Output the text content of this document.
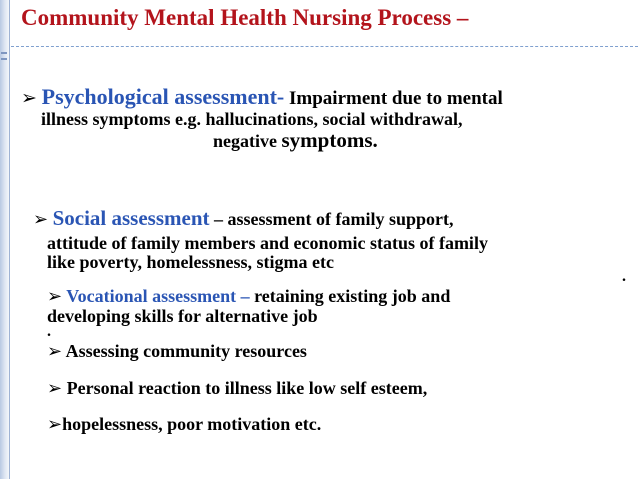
Community Mental Health Nursing Process –
➢ Psychological assessment- Impairment due to mental
illness symptoms e.g. hallucinations, social withdrawal,
negative symptoms.
➢ Social assessment – assessment of family support,
attitude of family members and economic status of family
like poverty, homelessness, stigma etc
.
➢ Vocational assessment – retaining existing job and
developing skills for alternative job
.
➢ Assessing community resources
➢ Personal reaction to illness like low self esteem,
➢hopelessness, poor motivation etc.
